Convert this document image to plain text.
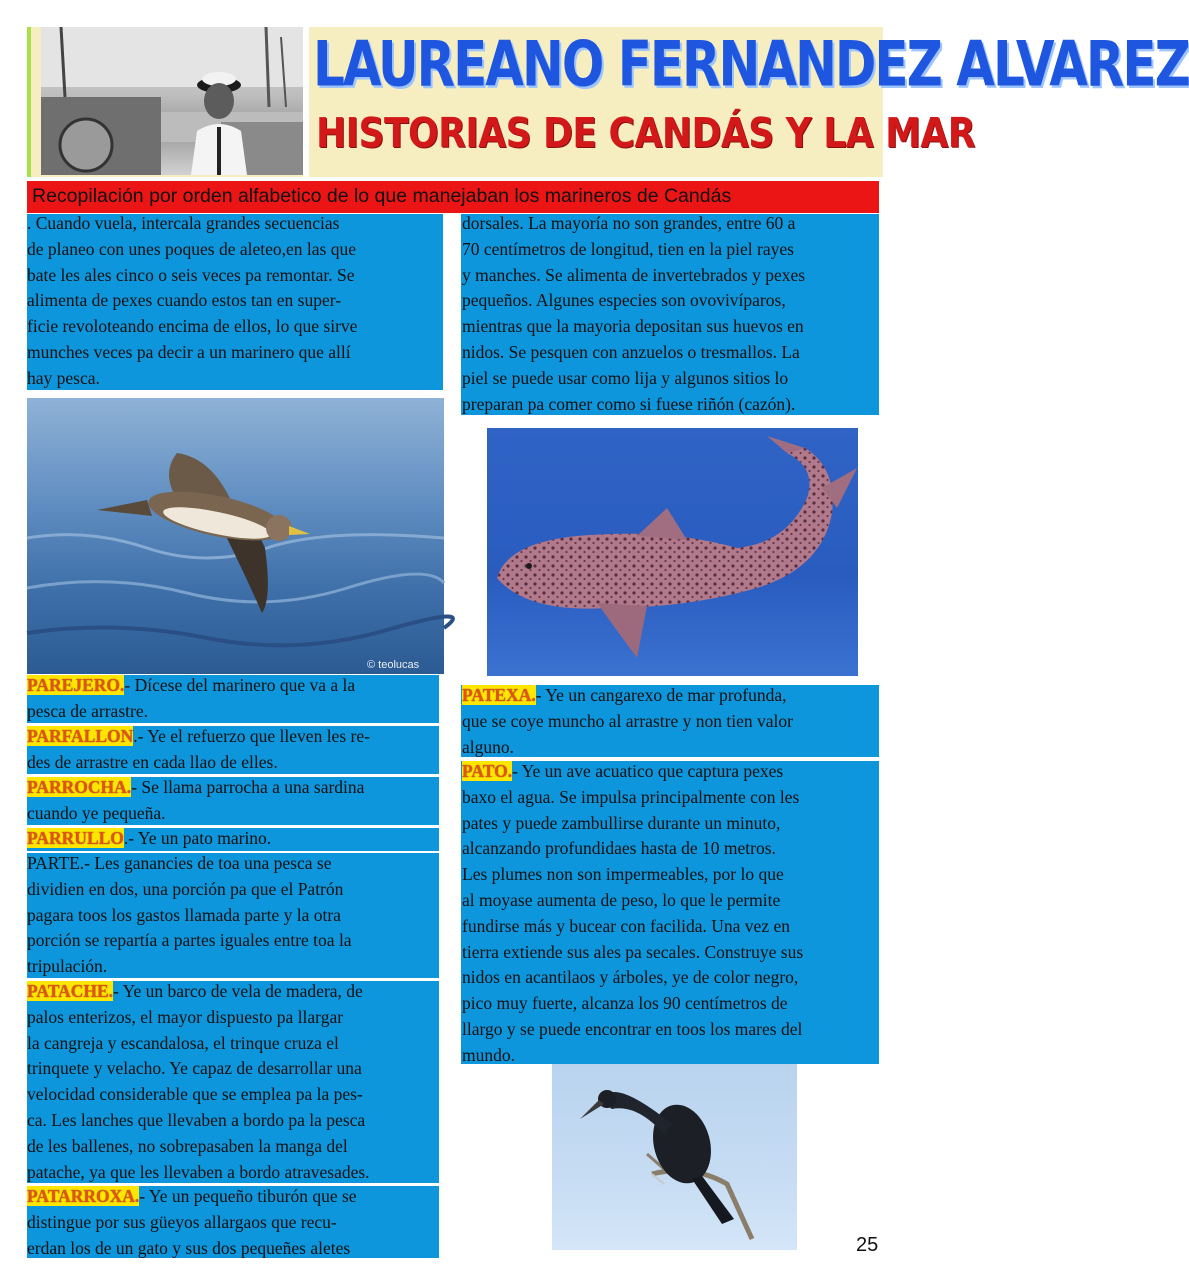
LAUREANO FERNANDEZ ALVAREZ
HISTORIAS DE CANDÁS Y LA MAR
Recopilación por orden alfabetico de lo que manejaban los marineros de Candás

. Cuando vuela, intercala grandes secuencias
de planeo con unes poques de aleteo,en las que
bate les ales cinco o seis veces pa remontar. Se
alimenta de pexes cuando estos tan en super-
ficie revoloteando encima de ellos, lo que sirve
munches veces pa decir a un marinero que allí
hay pesca.

© teolucas

PAREJERO.- Dícese del marinero que va a la
pesca de arrastre.

PARFALLON.- Ye el refuerzo que lleven les re-
des de arrastre en cada llao de elles.

PARROCHA.- Se llama parrocha a una sardina
cuando ye pequeña.

PARRULLO.- Ye un pato marino.

PARTE.- Les ganancies de toa una pesca se
dividien en dos, una porción pa que el Patrón
pagara toos los gastos llamada parte y la otra
porción se repartía a partes iguales entre toa la
tripulación.

PATACHE.- Ye un barco de vela de madera, de
palos enterizos, el mayor dispuesto pa llargar
la cangreja y escandalosa, el trinque cruza el
trinquete y velacho. Ye capaz de desarrollar una
velocidad considerable que se emplea pa la pes-
ca. Les lanches que llevaben a bordo pa la pesca
de les ballenes, no sobrepasaben la manga del
patache, ya que les llevaben a bordo atravesades.

PATARROXA.- Ye un pequeño tiburón que se
distingue por sus güeyos allargaos que recu-
erdan los de un gato y sus dos pequeñes aletes

dorsales. La mayoría no son grandes, entre 60 a
70 centímetros de longitud, tien en la piel rayes
y manches. Se alimenta de invertebrados y pexes
pequeños. Algunes especies son ovovivíparos,
mientras que la mayoria depositan sus huevos en
nidos. Se pesquen con anzuelos o tresmallos. La
piel se puede usar como lija y algunos sitios lo
preparan pa comer como si fuese riñón (cazón).

PATEXA.- Ye un cangarexo de mar profunda,
que se coye muncho al arrastre y non tien valor
alguno.

PATO.- Ye un ave acuatico que captura pexes
baxo el agua. Se impulsa principalmente con les
pates y puede zambullirse durante un minuto,
alcanzando profundidaes hasta de 10 metros.
Les plumes non son impermeables, por lo que
al moyase aumenta de peso, lo que le permite
fundirse más y bucear con facilida. Una vez en
tierra extiende sus ales pa secales. Construye sus
nidos en acantilaos y árboles, ye de color negro,
pico muy fuerte, alcanza los 90 centímetros de
llargo y se puede encontrar en toos los mares del
mundo.

25
